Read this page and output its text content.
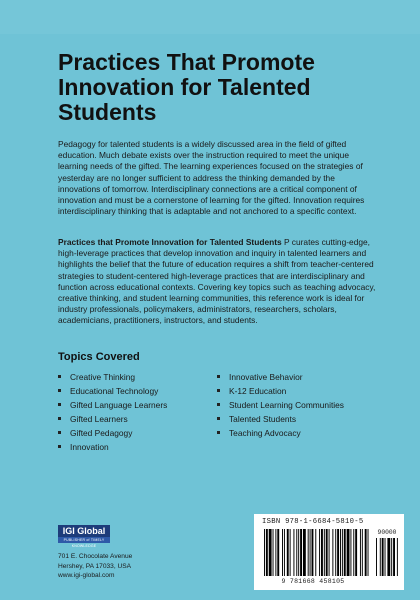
Practices That Promote Innovation for Talented Students
Pedagogy for talented students is a widely discussed area in the field of gifted education. Much debate exists over the instruction required to meet the unique learning needs of the gifted. The learning experiences focused on the strategies of yesterday are no longer sufficient to address the thinking demanded by the innovations of tomorrow. Interdisciplinary connections are a critical component of innovation and must be a cornerstone of learning for the gifted. Innovation requires interdisciplinary thinking that is adaptable and not anchored to a specific context.
Practices that Promote Innovation for Talented Students P curates cutting-edge, high-leverage practices that develop innovation and inquiry in talented learners and highlights the belief that the future of education requires a shift from teacher-centered strategies to student-centered high-leverage practices that are interdisciplinary and function across educational contexts. Covering key topics such as teaching advocacy, creative thinking, and student learning communities, this reference work is ideal for industry professionals, policymakers, administrators, researchers, scholars, academicians, practitioners, instructors, and students.
Topics Covered
Creative Thinking
Educational Technology
Gifted Language Learners
Gifted Learners
Gifted Pedagogy
Innovation
Innovative Behavior
K-12 Education
Student Learning Communities
Talented Students
Teaching Advocacy
IGI Global
PUBLISHER of TIMELY KNOWLEDGE
701 E. Chocolate Avenue
Hershey, PA 17033, USA
www.igi-global.com
ISBN 978-1-6684-5810-5
9 781668 458105
90000
